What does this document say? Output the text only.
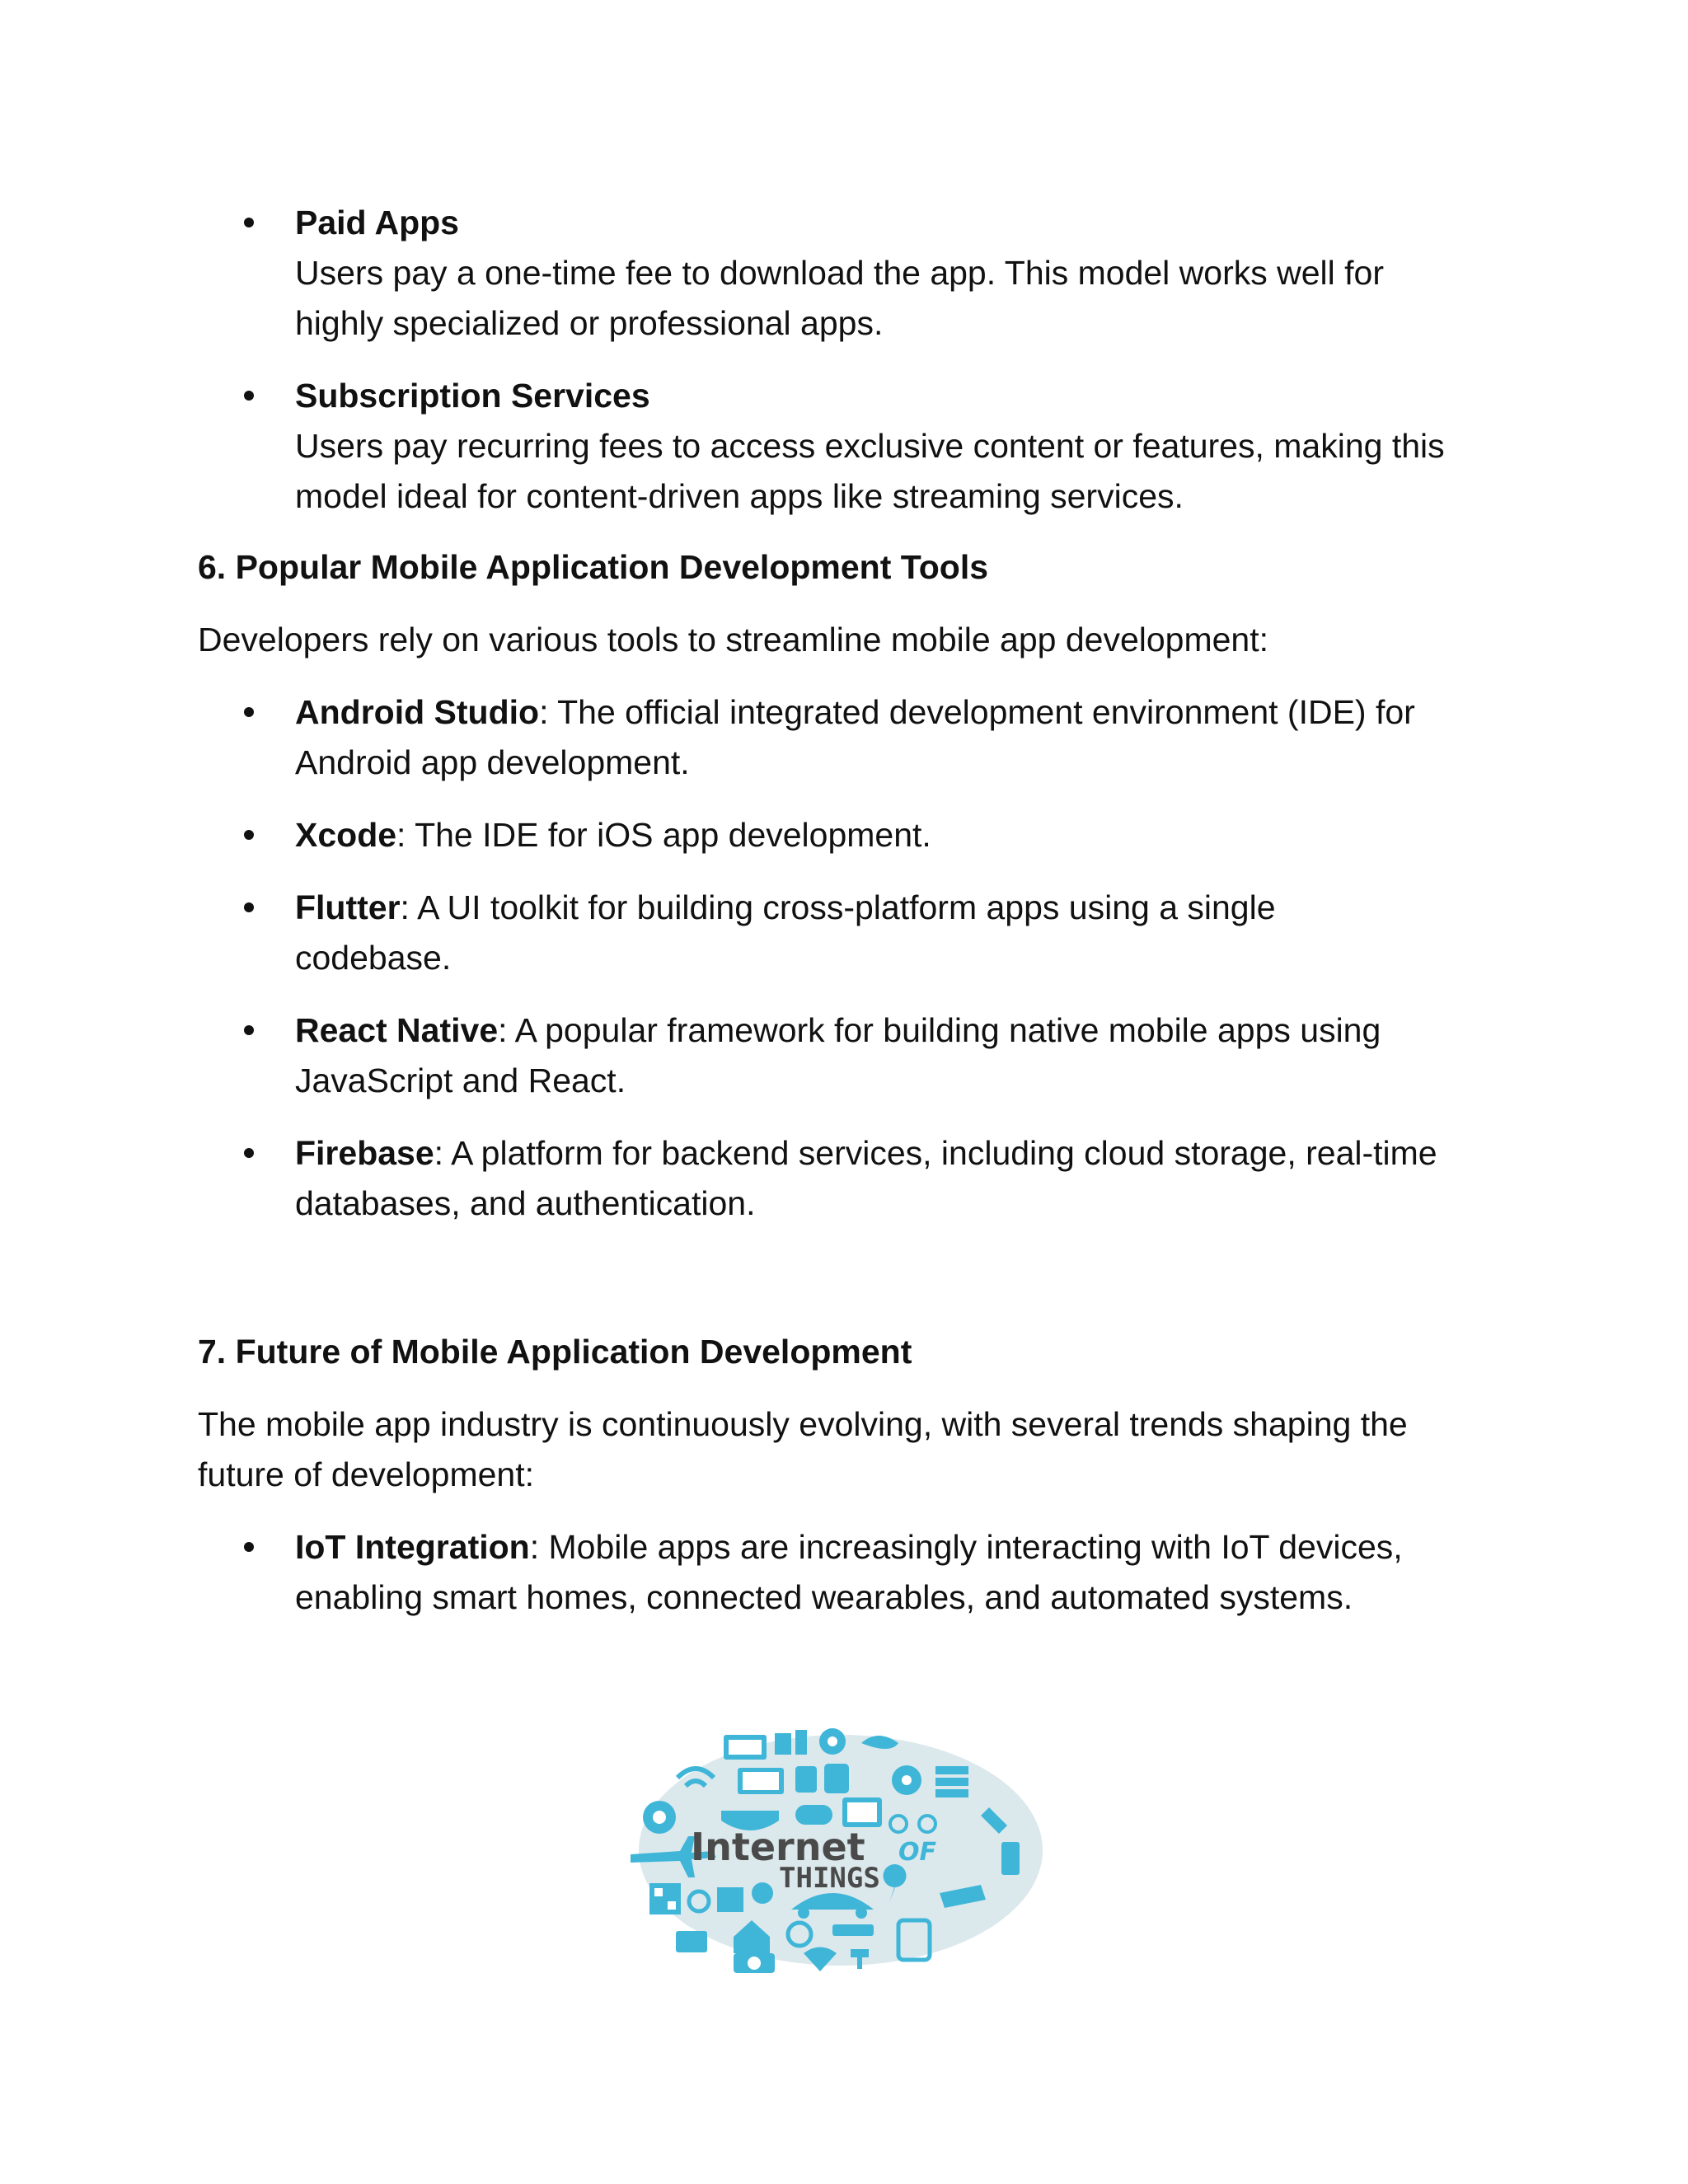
Paid Apps
Users pay a one-time fee to download the app. This model works well for
highly specialized or professional apps.
Subscription Services
Users pay recurring fees to access exclusive content or features, making this
model ideal for content-driven apps like streaming services.
6. Popular Mobile Application Development Tools
Developers rely on various tools to streamline mobile app development:
Android Studio: The official integrated development environment (IDE) for
Android app development.
Xcode: The IDE for iOS app development.
Flutter: A UI toolkit for building cross-platform apps using a single
codebase.
React Native: A popular framework for building native mobile apps using
JavaScript and React.
Firebase: A platform for backend services, including cloud storage, real-time
databases, and authentication.
7. Future of Mobile Application Development
The mobile app industry is continuously evolving, with several trends shaping the
future of development:
IoT Integration: Mobile apps are increasingly interacting with IoT devices,
enabling smart homes, connected wearables, and automated systems.
Internet OF
THINGS
